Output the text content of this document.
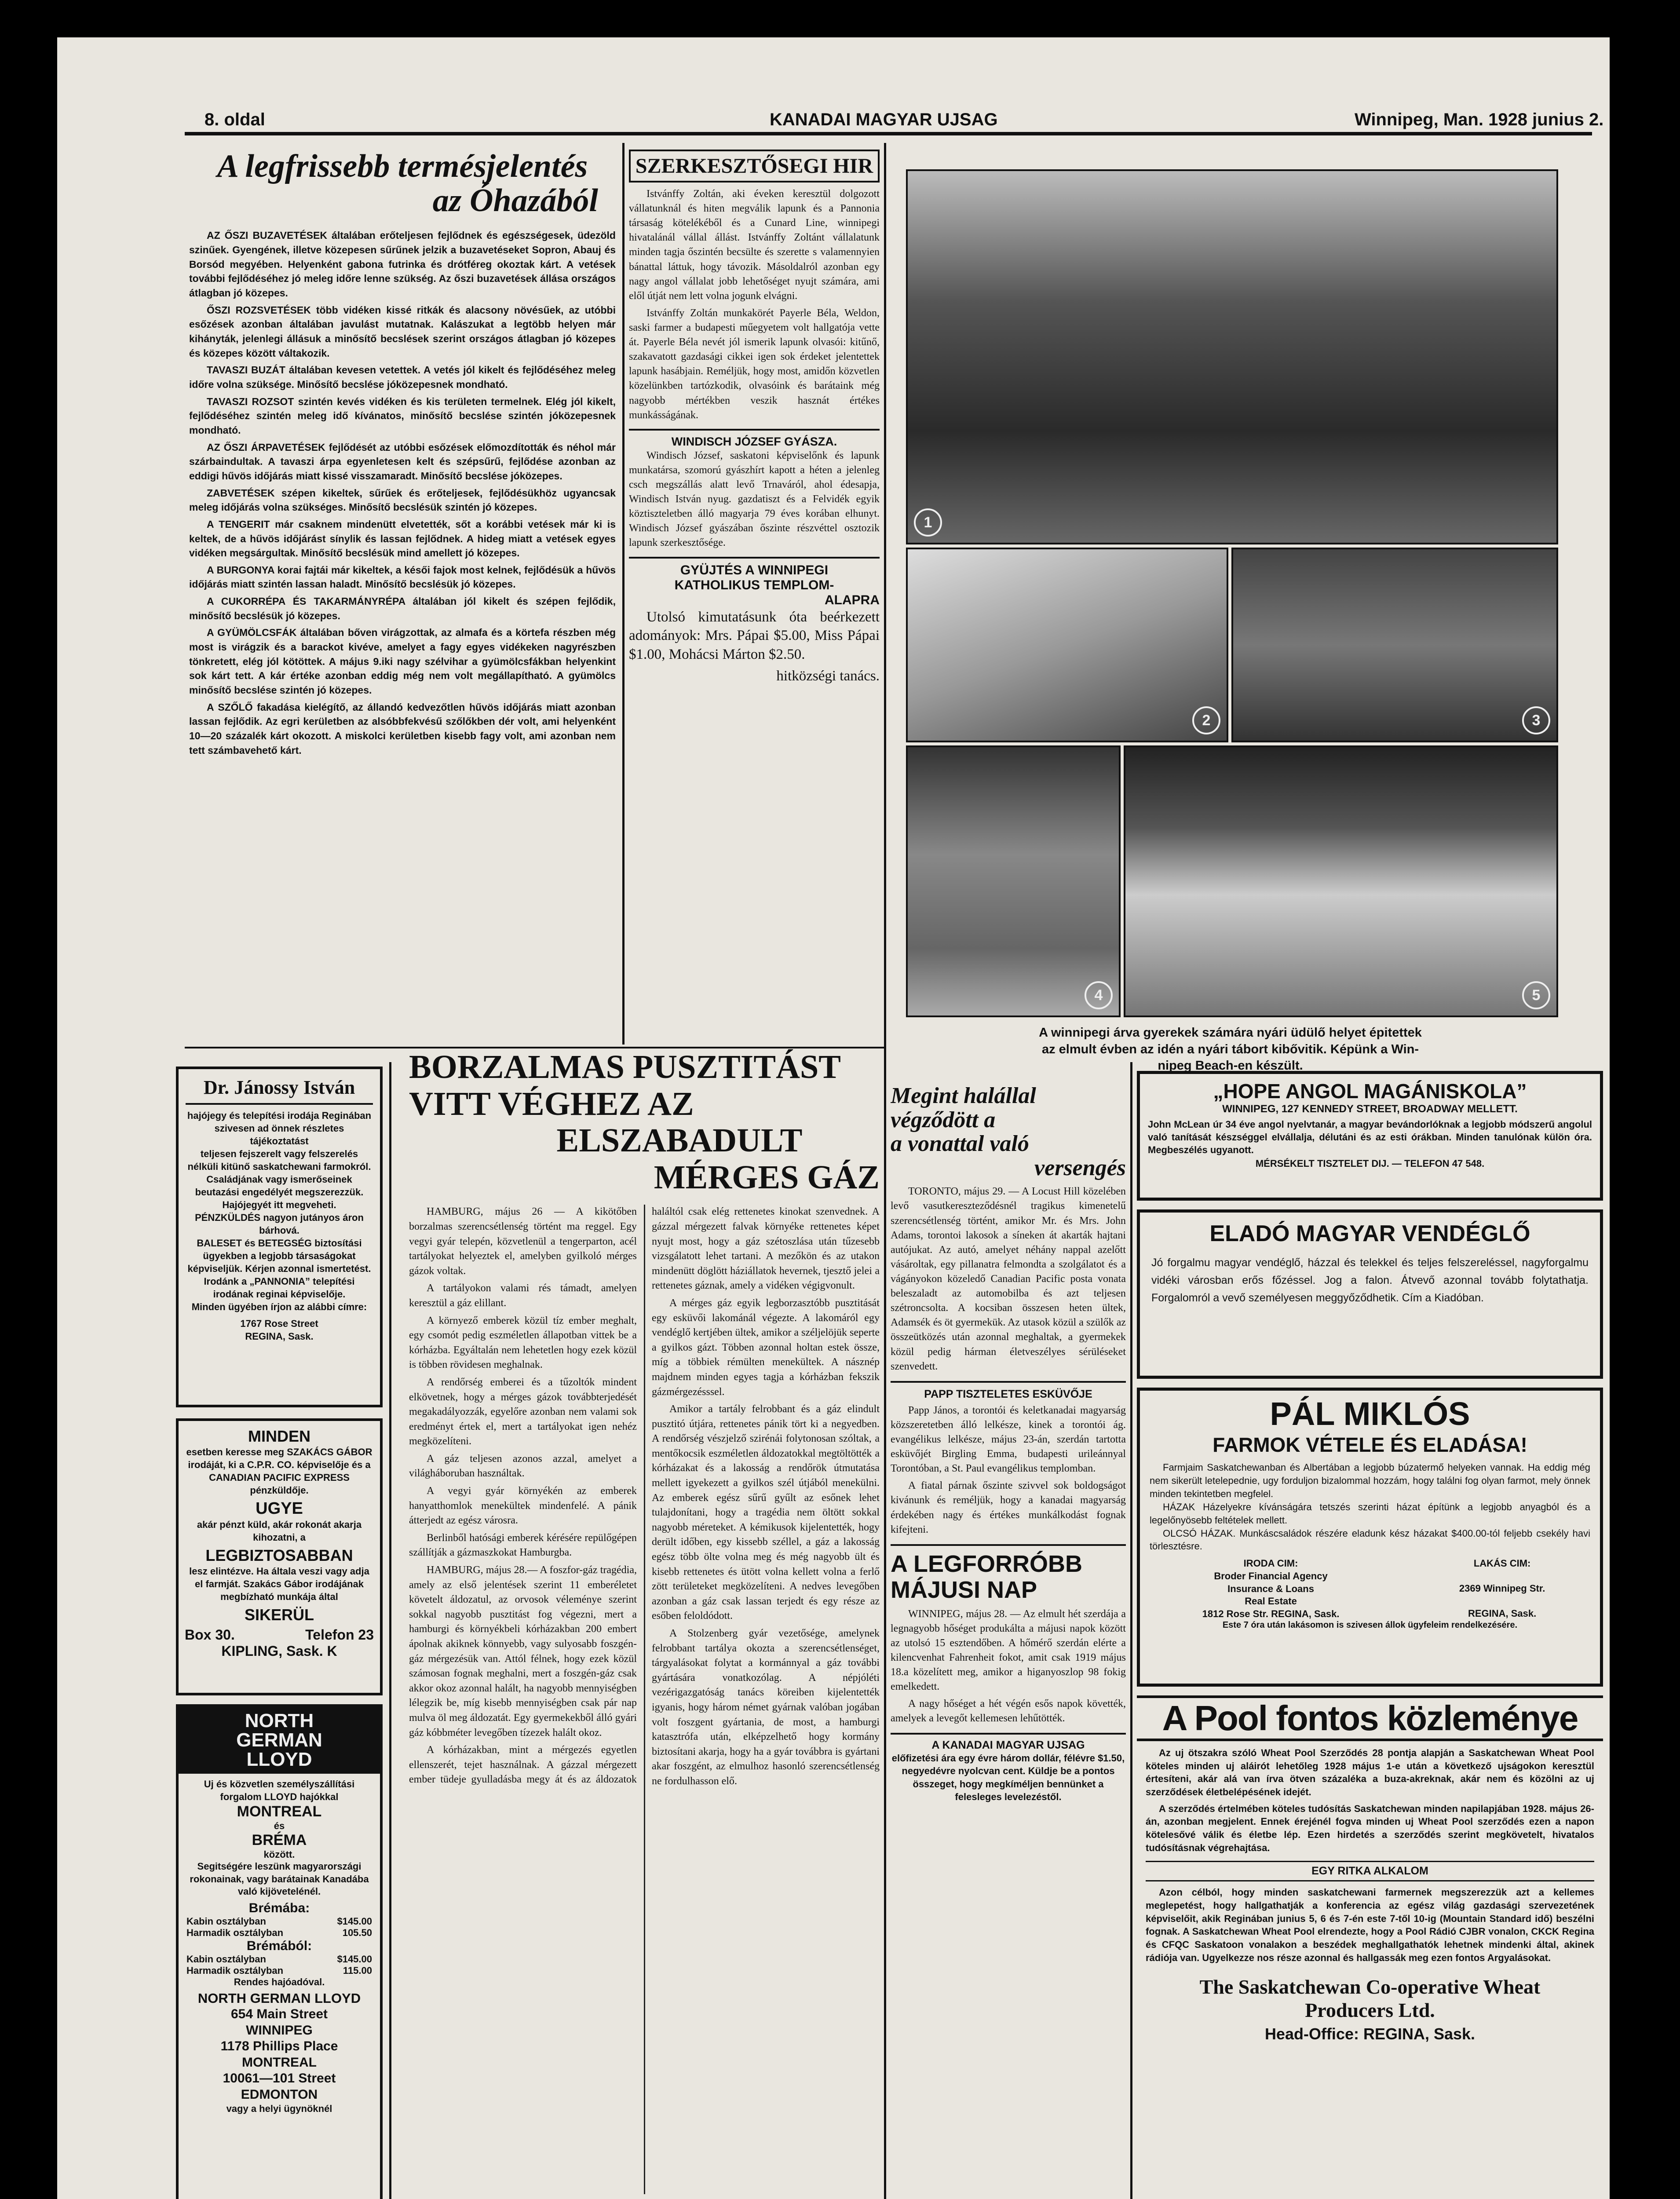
8. oldal	KANADAI MAGYAR UJSAG	Winnipeg, Man. 1928 junius 2.
A legfrissebb termésjelentés
az Óhazából

AZ ŐSZI BUZAVETÉSEK általában erőteljesen fejlődnek és egészségesek, üdezöld szinűek. Gyengének, illetve közepesen sűrűnek jelzik a buzavetéseket Sopron, Abauj és Borsód megyében. Helyenként gabona futrinka és drótféreg okoztak kárt. A vetések további fejlődéséhez jó meleg időre lenne szükség. Az őszi buzavetések állása országos átlagban jó közepes.

ŐSZI ROZSVETÉSEK több vidéken kissé ritkák és alacsony növésűek, az utóbbi esőzések azonban általában javulást mutatnak. Kalászukat a legtöbb helyen már kihányták, jelenlegi állásuk a minősítő becslések szerint országos átlagban jó közepes és közepes között váltakozik.

TAVASZI BUZÁT általában kevesen vetettek. A vetés jól kikelt és fejlődéséhez meleg időre volna szüksége. Minősítő becslése jóközepesnek mondható.

TAVASZI ROZSOT szintén kevés vidéken és kis területen termelnek. Elég jól kikelt, fejlődéséhez szintén meleg idő kívánatos, minősítő becslése szintén jóközepesnek mondható.

AZ ŐSZI ÁRPAVETÉSEK fejlődését az utóbbi esőzések előmozdították és néhol már szárbaindultak. A tavaszi árpa egyenletesen kelt és szépsűrű, fejlődése azonban az eddigi hűvös időjárás miatt kissé visszamaradt. Minősítő becslése jóközepes.

ZABVETÉSEK szépen kikeltek, sűrűek és erőteljesek, fejlődésükhöz ugyancsak meleg időjárás volna szükséges. Minősítő becslésük szintén jó közepes.

A TENGERIT már csaknem mindenütt elvetették, sőt a korábbi vetések már ki is keltek, de a hűvös időjárást sínylik és lassan fejlődnek. A hideg miatt a vetések egyes vidéken megsárgultak. Minősítő becslésük mind amellett jó közepes.

A BURGONYA korai fajtái már kikeltek, a késői fajok most kelnek, fejlődésük a hűvös időjárás miatt szintén lassan haladt. Minősítő becslésük jó közepes.

A CUKORRÉPA ÉS TAKARMÁNYRÉPA általában jól kikelt és szépen fejlődik, minősítő becslésük jó közepes.

A GYÜMÖLCSFÁK általában bőven virágzottak, az almafa és a körtefa részben még most is virágzik és a barackot kivéve, amelyet a fagy egyes vidékeken nagyrészben tönkretett, elég jól kötöttek. A május 9.iki nagy szélvihar a gyümölcsfákban helyenkint sok kárt tett. A kár értéke azonban eddig még nem volt megállapítható. A gyümölcs minősítő becslése szintén jó közepes.

A SZŐLŐ fakadása kielégítő, az állandó kedvezőtlen hűvös időjárás miatt azonban lassan fejlődik. Az egri kerületben az alsóbbfekvésű szőlőkben dér volt, ami helyenként 10—20 százalék kárt okozott. A miskolci kerületben kisebb fagy volt, ami azonban nem tett számbavehető kárt.

SZERKESZTŐSEGI HIR

Istvánffy Zoltán, aki éveken keresztül dolgozott vállatunknál és hiten megválik lapunk és a Pannonia társaság kötelékéből és a Cunard Line, winnipegi hivatalánál vállal állást. Istvánffy Zoltánt vállalatunk minden tagja őszintén becsülte és szerette s valamennyien bánattal láttuk, hogy távozik. Másoldalról azonban egy nagy angol vállalat jobb lehetőséget nyujt számára, ami elől útját nem lett volna jogunk elvágni.

Istvánffy Zoltán munkakörét Payerle Béla, Weldon, saski farmer a budapesti műegyetem volt hallgatója vette át. Payerle Béla nevét jól ismerik lapunk olvasói: kitűnő, szakavatott gazdasági cikkei igen sok érdeket jelentettek lapunk hasábjain. Reméljük, hogy most, amidőn közvetlen közelünkben tartózkodik, olvasóink és barátaink még nagyobb mértékben veszik hasznát értékes munkásságának.

WINDISCH JÓZSEF GYÁSZA.

Windisch József, saskatoni képviselőnk és lapunk munkatársa, szomorú gyászhírt kapott a héten a jelenleg csch megszállás alatt levő Trnaváról, ahol édesapja, Windisch István nyug. gazdatiszt és a Felvidék egyik köztiszteletben álló magyarja 79 éves korában elhunyt. Windisch József gyászában őszinte részvéttel osztozik lapunk szerkesztősége.

GYÜJTÉS A WINNIPEGI
KATHOLIKUS TEMPLOM-
ALAPRA

Utolsó kimutatásunk óta beérkezett adományok: Mrs. Pápai $5.00, Miss Pápai $1.00, Mohácsi Márton $2.50.

hitközségi tanács.

1
2	3
4	5
A winnipegi árva gyerekek számára nyári üdülő helyet épitettek
az elmult évben az idén a nyári tábort kibővitik. Képünk a Win-
nipeg Beach-en készült.
Dr. Jánossy István
hajójegy és telepítési irodája Reginában szivesen ad önnek részletes tájékoztatást
teljesen fejszerelt vagy felszerelés nélküli kitünő saskatchewani farmokról.
Családjának vagy ismerőseinek beutazási engedélyét megszerezzük.
Hajójegyét itt megveheti.
PÉNZKÜLDÉS nagyon jutányos áron bárhová.
BALESET és BETEGSÉG biztosítási ügyekben a legjobb társaságokat képviseljük. Kérjen azonnal ismertetést.
Irodánk a „PANNONIA” telepítési irodának reginai képviselője.
Minden ügyében írjon az alábbi címre:
1767 Rose Street
REGINA, Sask.
MINDEN
esetben keresse meg SZAKÁCS GÁBOR irodáját, ki a C.P.R. CO. képviselője és a CANADIAN PACIFIC EXPRESS pénzküldője.
UGYE
akár pénzt küld, akár rokonát akarja kihozatni, a
LEGBIZTOSABBAN
lesz elintézve. Ha általa veszi vagy adja el farmját. Szakács Gábor irodájának megbízható munkája által
SIKERÜL
Box 30.	Telefon 23
KIPLING, Sask. K
NORTH
GERMAN
LLOYD
Uj és közvetlen személyszállítási forgalom LLOYD hajókkal
MONTREAL
és
BRÉMA
között.
Segitségére leszünk magyarországi rokonainak, vagy barátainak Kanadába való kijövetelénél.
Brémába:
Kabin osztályban	$145.00
Harmadik osztályban	105.50
Brémából:
Kabin osztályban	$145.00
Harmadik osztályban	115.00
Rendes hajóadóval.
NORTH GERMAN LLOYD
654 Main Street
WINNIPEG
1178 Phillips Place
MONTREAL
10061—101 Street
EDMONTON
vagy a helyi ügynöknél
BORZALMAS PUSZTITÁST
VITT VÉGHEZ AZ
ELSZABADULT
MÉRGES GÁZ

HAMBURG, május 26 — A kikötőben borzalmas szerencsétlenség történt ma reggel. Egy vegyi gyár telepén, közvetlenül a tengerparton, acél tartályokat helyeztek el, amelyben gyilkoló mérges gázok voltak.

A tartályokon valami rés támadt, amelyen keresztül a gáz elillant.

A környező emberek közül tíz ember meghalt, egy csomót pedig eszméletlen állapotban vittek be a kórházba. Egyáltalán nem lehetetlen hogy ezek közül is többen rövidesen meghalnak.

A rendőrség emberei és a tűzoltók mindent elkövetnek, hogy a mérges gázok továbbterjedését megakadályozzák, egyelőre azonban nem valami sok eredményt értek el, mert a tartályokat igen nehéz megközelíteni.

A gáz teljesen azonos azzal, amelyet a világháboruban használtak.

A vegyi gyár környékén az emberek hanyatthomlok menekültek mindenfelé. A pánik átterjedt az egész városra.

Berlinből hatósági emberek kérésére repülőgépen szállítják a gázmaszkokat Hamburgba.

HAMBURG, május 28.— A foszfor-gáz tragédia, amely az első jelentések szerint 11 emberéletet követelt áldozatul, az orvosok véleménye szerint sokkal nagyobb pusztitást fog végezni, mert a hamburgi és környékbeli kórházakban 200 embert ápolnak akiknek könnyebb, vagy sulyosabb foszgén-gáz mérgezésük van. Attól félnek, hogy ezek közül számosan fognak meghalni, mert a foszgén-gáz csak akkor okoz azonnal halált, ha nagyobb mennyiségben lélegzik be, míg kisebb mennyiségben csak pár nap mulva öl meg áldozatát. Egy gyermekekből álló gyári gáz kóbbméter levegőben tízezek halált okoz.

A kórházakban, mint a mérgezés egyetlen ellenszerét, tejet használnak. A gázzal mérgezett ember tüdeje gyulladásba megy át és az áldozatok haláltól csak elég rettenetes kinokat szenvednek. A gázzal mérgezett falvak környéke rettenetes képet nyujt most, hogy a gáz szétoszlása után tűzesebb vizsgálatott lehet tartani. A mezőkön és az utakon mindenütt döglött háziállatok hevernek, tjesztő jelei a rettenetes gáznak, amely a vidéken végigvonult.

A mérges gáz egyik legborzasztóbb pusztitását egy esküvői lakománál végezte. A lakomáról egy vendéglő kertjében ültek, amikor a széljelöjük seperte a gyilkos gázt. Többen azonnal holtan estek össze, míg a többiek rémülten menekültek. A násznép majdnem minden egyes tagja a kórházban fekszik gázmérgezésssel.

Amikor a tartály felrobbant és a gáz elindult pusztitó útjára, rettenetes pánik tört ki a negyedben. A rendőrség vészjelző szirénái folytonosan szóltak, a mentőkocsik eszméletlen áldozatokkal megtöltötték a kórházakat és a lakosság a rendőrök útmutatása mellett igyekezett a gyilkos szél útjából menekülni. Az emberek egész sűrű gyűlt az esőnek lehet tulajdonítani, hogy a tragédia nem öltött sokkal nagyobb méreteket. A kémikusok kijelentették, hogy derült időben, egy kissebb széllel, a gáz a lakosság egész több ölte volna meg és még nagyobb ült és kisebb rettenetes és ütött volna kellett volna a ferlő zött területeket megközelíteni. A nedves levegőben azonban a gáz csak lassan terjedt és egy része az esőben feloldódott.

A Stolzenberg gyár vezetősége, amelynek felrobbant tartálya okozta a szerencsétlenséget, tárgyalásokat folytat a kormánnyal a gáz további gyártására vonatkozólag. A népjóléti vezérigazgatóság tanács köreiben kijelentették igyanis, hogy három német gyárnak valóban jogában volt foszgent gyártania, de most, a hamburgi katasztrófa után, elképzelhető hogy kormány biztosítani akarja, hogy ha a gyár továbbra is gyártani akar foszgént, az elmulhoz hasonló szerencsétlenség ne fordulhasson elő.

Megint halállal
végződött a
a vonattal való
versengés

TORONTO, május 29. — A Locust Hill közelében levő vasutkereszteződésnél tragikus kimenetelű szerencsétlenség történt, amikor Mr. és Mrs. John Adams, torontoi lakosok a síneken át akarták hajtani autójukat. Az autó, amelyet néhány nappal azelőtt vásároltak, egy pillanatra felmondta a szolgálatot és a vágányokon közeledő Canadian Pacific posta vonata beleszaladt az automobilba és azt teljesen szétroncsolta. A kocsiban összesen heten ültek, Adamsék és öt gyermekük. Az utasok közül a szülők az összeütközés után azonnal meghaltak, a gyermekek közül pedig hárman életveszélyes sérüléseket szenvedett.

PAPP TISZTELETES ESKÜVŐJE

Papp János, a torontói és keletkanadai magyarság közszeretetben álló lelkésze, kinek a torontói ág. evangélikus lelkésze, május 23-án, szerdán tartotta esküvőjét Birgling Emma, budapesti urileánnyal Torontóban, a St. Paul evangélikus templomban.

A fiatal párnak őszinte szivvel sok boldogságot kivánunk és reméljük, hogy a kanadai magyarság érdekében nagy és értékes munkálkodást fognak kifejteni.

A LEGFORRÓBB
MÁJUSI NAP

WINNIPEG, május 28. — Az elmult hét szerdája a legnagyobb hőséget produkálta a májusi napok között az utolsó 15 esztendőben. A hőmérő szerdán elérte a kilencvenhat Fahrenheit fokot, amit csak 1919 május 18.a közelített meg, amikor a higanyoszlop 98 fokig emelkedett.

A nagy hőséget a hét végén esős napok követték, amelyek a levegőt kellemesen lehűtötték.

A KANADAI MAGYAR UJSAG
előfizetési ára egy évre három dollár, félévre $1.50, negyedévre nyolcvan cent. Küldje be a pontos összeget, hogy megkíméljen bennünket a felesleges levelezéstől.
„HOPE ANGOL MAGÁNISKOLA”
WINNIPEG, 127 KENNEDY STREET, BROADWAY MELLETT.
John McLean úr 34 éve angol nyelvtanár, a magyar bevándorlóknak a legjobb módszerű angolul való tanítását készséggel elvállalja, délutáni és az esti órákban. Minden tanulónak külön óra. Megbeszélés ugyanott.
MÉRSÉKELT TISZTELET DIJ. — TELEFON 47 548.
ELADÓ MAGYAR VENDÉGLŐ
Jó forgalmu magyar vendéglő, házzal és telekkel és teljes felszereléssel, nagyforgalmu vidéki városban erős főzéssel. Jog a falon. Átvevő azonnal tovább folytathatja. Forgalomról a vevő személyesen meggyőződhetik. Cím a Kiadóban.
PÁL MIKLÓS
FARMOK VÉTELE ÉS ELADÁSA!

Farmjaim Saskatchewanban és Albertában a legjobb búzatermő helyeken vannak. Ha eddig még nem sikerült letelepednie, ugy forduljon bizalommal hozzám, hogy találni fog olyan farmot, mely önnek minden tekintetben megfelel.

HÁZAK Házelyekre kívánságára tetszés szerinti házat építünk a legjobb anyagból és a legelőnyösebb feltételek mellett.

OLCSÓ HÁZAK. Munkáscsaládok részére eladunk kész házakat $400.00-tól feljebb csekély havi törlesztésre.

IRODA CIM:
Broder Financial Agency
Insurance & Loans
Real Estate
1812 Rose Str. REGINA, Sask.
LAKÁS CIM:
2369 Winnipeg Str.
REGINA, Sask.
Este 7 óra után lakásomon is szivesen állok ügyfeleim rendelkezésére.
A Pool fontos közleménye

Az uj ötszakra szóló Wheat Pool Szerződés 28 pontja alapján a Saskatchewan Wheat Pool köteles minden uj aláirót lehetőleg 1928 május 1-e után a következő ujságokon keresztül értesíteni, akár alá van írva ötven százaléka a buza-akreknak, akár nem és közölni az uj szerződések életbelépésének idejét.

A szerződés értelmében köteles tudósítás Saskatchewan minden napilapjában 1928. május 26-án, azonban megjelent. Ennek érejénél fogva minden uj Wheat Pool szerződés ezen a napon kötelesővé válik és életbe lép. Ezen hirdetés a szerződés szerint megkövetelt, hivatalos tudósításnak végrehajtása.

EGY RITKA ALKALOM

Azon célból, hogy minden saskatchewani farmernek megszerezzük azt a kellemes meglepetést, hogy hallgathatják a konferencia az egész világ gazdasági szervezetének képviselőit, akik Reginában junius 5, 6 és 7-én este 7-től 10-ig (Mountain Standard idő) beszélni fognak. A Saskatchewan Wheat Pool elrendezte, hogy a Pool Rádió CJBR vonalon, CKCK Regina és CFQC Saskatoon vonalakon a beszédek meghallgathatók lehetnek mindenki által, akinek rádiója van. Ugyelkezze nos része azonnal és hallgassák meg ezen fontos Argyalásokat.

The Saskatchewan Co-operative Wheat
Producers Ltd.
Head-Office: REGINA, Sask.
